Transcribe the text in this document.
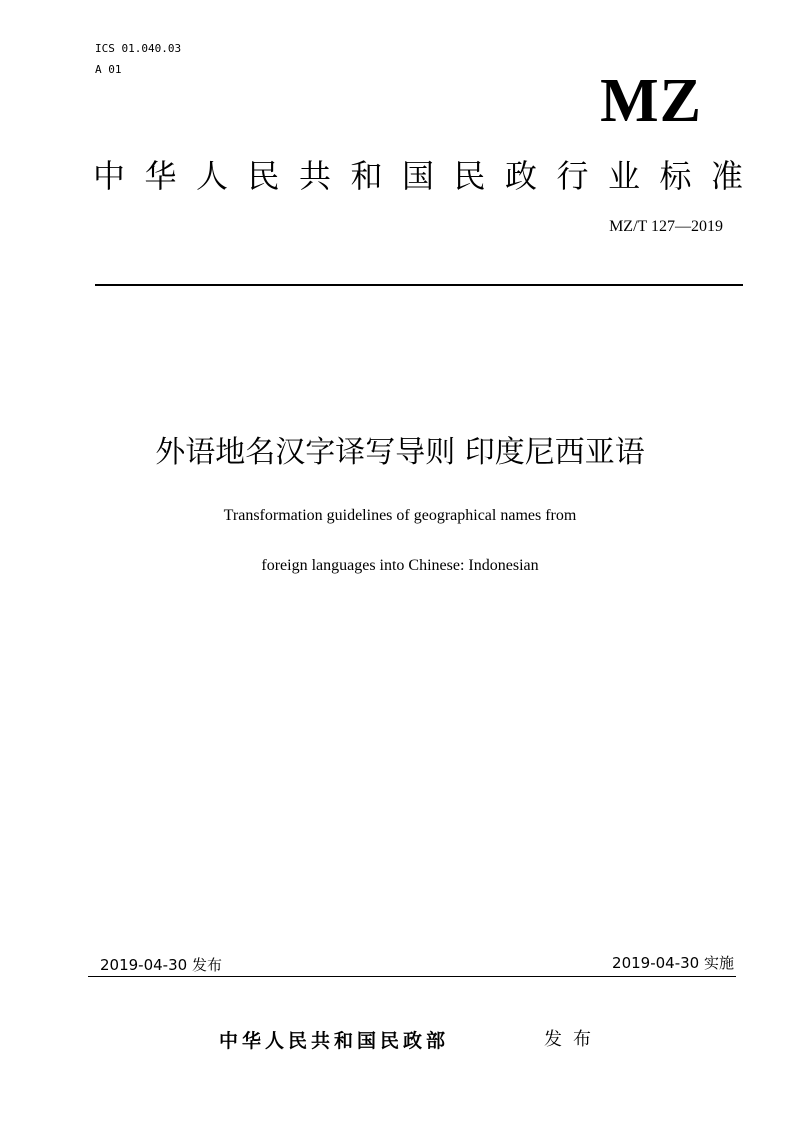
ICS 01.040.03
A 01	MZ
中华人民共和国民政行业标准
MZ/T 127—2019
外语地名汉字译写导则 印度尼西亚语
Transformation guidelines of geographical names from
foreign languages into Chinese: Indonesian
2019-04-30 发布	2019-04-30 实施
中华人民共和国民政部	发布
